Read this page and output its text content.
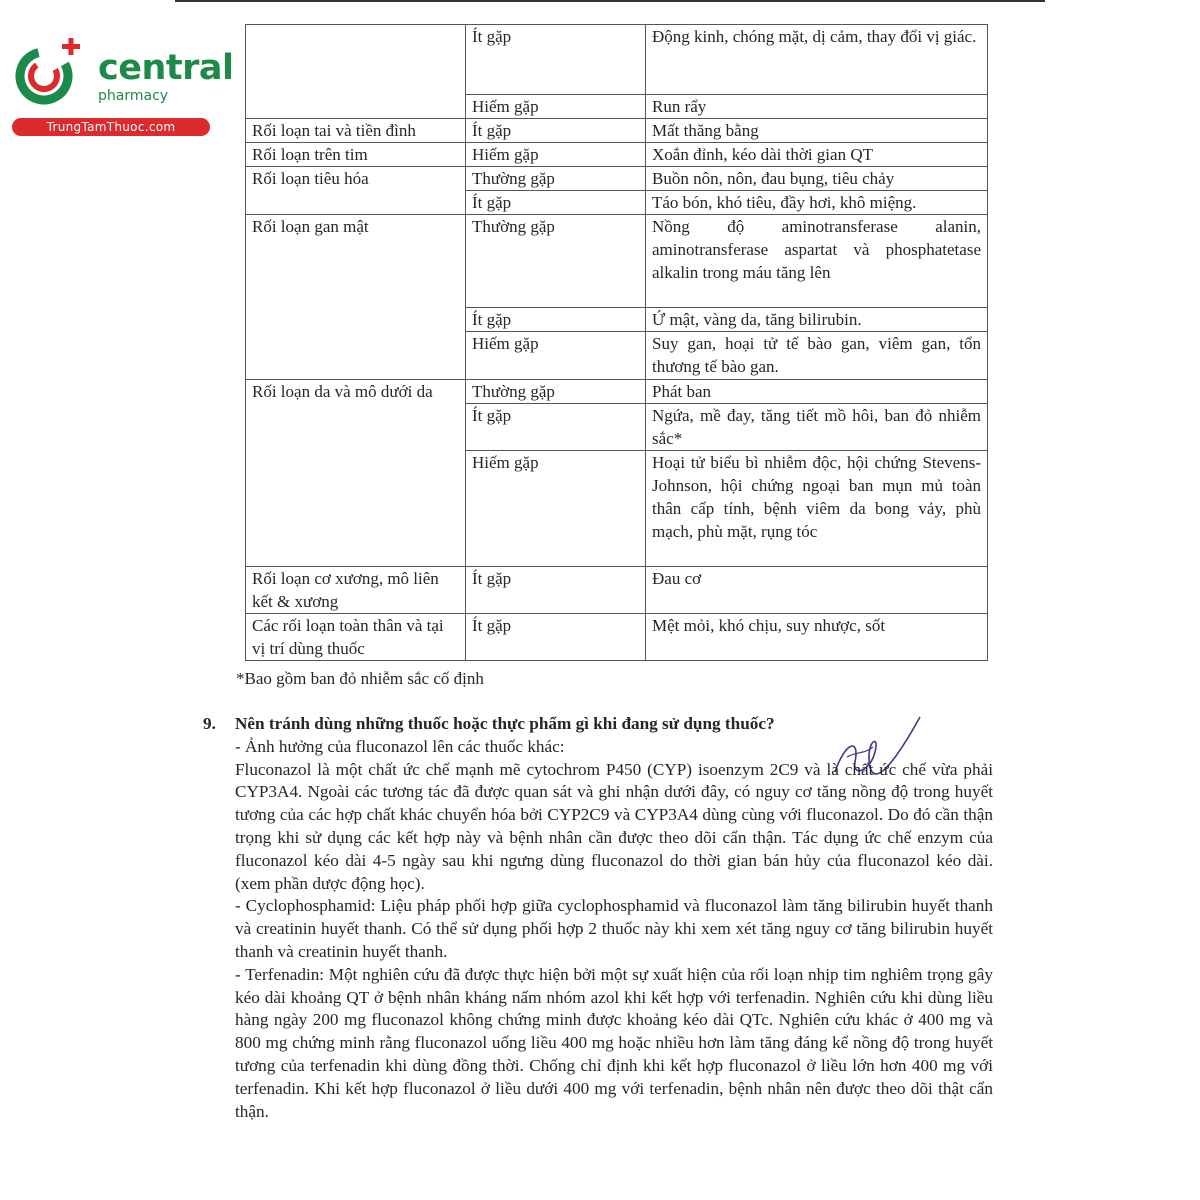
central
pharmacy
TrungTamThuoc.com
	Ít gặp	Động kinh, chóng mặt, dị cảm, thay đổi vị giác.
	Hiếm gặp	Run rẩy
Rối loạn tai và tiền đình	Ít gặp	Mất thăng bằng
Rối loạn trên tim	Hiếm gặp	Xoắn đỉnh, kéo dài thời gian QT
Rối loạn tiêu hóa	Thường gặp	Buồn nôn, nôn, đau bụng, tiêu chảy
	Ít gặp	Táo bón, khó tiêu, đầy hơi, khô miệng.
Rối loạn gan mật	Thường gặp	Nồng độ aminotransferase alanin, aminotransferase aspartat và phosphatetase alkalin trong máu tăng lên
	Ít gặp	Ứ mật, vàng da, tăng bilirubin.
	Hiếm gặp	Suy gan, hoại tử tế bào gan, viêm gan, tổn thương tế bào gan.
Rối loạn da và mô dưới da	Thường gặp	Phát ban
	Ít gặp	Ngứa, mề đay, tăng tiết mồ hôi, ban đỏ nhiễm sắc*
	Hiếm gặp	Hoại tử biểu bì nhiễm độc, hội chứng Stevens-Johnson, hội chứng ngoại ban mụn mủ toàn thân cấp tính, bệnh viêm da bong vảy, phù mạch, phù mặt, rụng tóc
Rối loạn cơ xương, mô liên kết & xương	Ít gặp	Đau cơ
Các rối loạn toàn thân và tại vị trí dùng thuốc	Ít gặp	Mệt mỏi, khó chịu, suy nhược, sốt
*Bao gồm ban đỏ nhiễm sắc cố định
9.	Nên tránh dùng những thuốc hoặc thực phẩm gì khi đang sử dụng thuốc?

- Ảnh hưởng của fluconazol lên các thuốc khác:

Fluconazol là một chất ức chế mạnh mẽ cytochrom P450 (CYP) isoenzym 2C9 và là chất ức chế vừa phải CYP3A4. Ngoài các tương tác đã được quan sát và ghi nhận dưới đây, có nguy cơ tăng nồng độ trong huyết tương của các hợp chất khác chuyển hóa bởi CYP2C9 và CYP3A4 dùng cùng với fluconazol. Do đó cần thận trọng khi sử dụng các kết hợp này và bệnh nhân cần được theo dõi cẩn thận. Tác dụng ức chế enzym của fluconazol kéo dài 4-5 ngày sau khi ngưng dùng fluconazol do thời gian bán hủy của fluconazol kéo dài. (xem phần dược động học).

- Cyclophosphamid: Liệu pháp phối hợp giữa cyclophosphamid và fluconazol làm tăng bilirubin huyết thanh và creatinin huyết thanh. Có thể sử dụng phối hợp 2 thuốc này khi xem xét tăng nguy cơ tăng bilirubin huyết thanh và creatinin huyết thanh.

- Terfenadin: Một nghiên cứu đã được thực hiện bởi một sự xuất hiện của rối loạn nhịp tim nghiêm trọng gây kéo dài khoảng QT ở bệnh nhân kháng nấm nhóm azol khi kết hợp với terfenadin. Nghiên cứu khi dùng liều hàng ngày 200 mg fluconazol không chứng minh được khoảng kéo dài QTc. Nghiên cứu khác ở 400 mg và 800 mg chứng minh rằng fluconazol uống liều 400 mg hoặc nhiều hơn làm tăng đáng kể nồng độ trong huyết tương của terfenadin khi dùng đồng thời. Chống chỉ định khi kết hợp fluconazol ở liều lớn hơn 400 mg với terfenadin. Khi kết hợp fluconazol ở liều dưới 400 mg với terfenadin, bệnh nhân nên được theo dõi thật cẩn thận.
